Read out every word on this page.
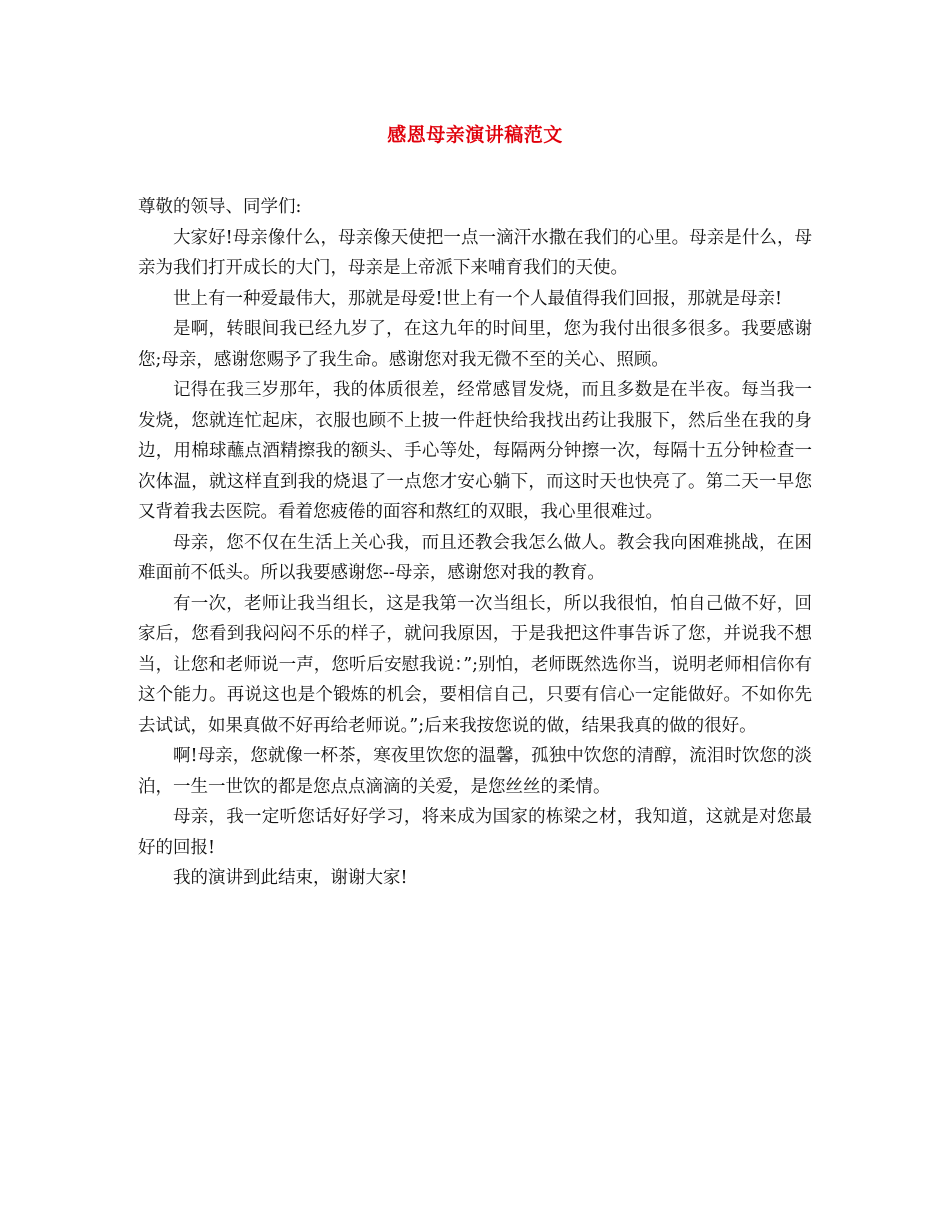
感恩母亲演讲稿范文

尊敬的领导、同学们:

大家好!母亲像什么，母亲像天使把一点一滴汗水撒在我们的心里。母亲是什么，母亲为我们打开成长的大门，母亲是上帝派下来哺育我们的天使。

世上有一种爱最伟大，那就是母爱!世上有一个人最值得我们回报，那就是母亲!

是啊，转眼间我已经九岁了，在这九年的时间里，您为我付出很多很多。我要感谢您;母亲，感谢您赐予了我生命。感谢您对我无微不至的关心、照顾。

记得在我三岁那年，我的体质很差，经常感冒发烧，而且多数是在半夜。每当我一发烧，您就连忙起床，衣服也顾不上披一件赶快给我找出药让我服下，然后坐在我的身边，用棉球蘸点酒精擦我的额头、手心等处，每隔两分钟擦一次，每隔十五分钟检查一次体温，就这样直到我的烧退了一点您才安心躺下，而这时天也快亮了。第二天一早您又背着我去医院。看着您疲倦的面容和熬红的双眼，我心里很难过。

母亲，您不仅在生活上关心我，而且还教会我怎么做人。教会我向困难挑战，在困难面前不低头。所以我要感谢您--母亲，感谢您对我的教育。

有一次，老师让我当组长，这是我第一次当组长，所以我很怕，怕自己做不好，回家后，您看到我闷闷不乐的样子，就问我原因，于是我把这件事告诉了您，并说我不想当，让您和老师说一声，您听后安慰我说：”;别怕，老师既然选你当，说明老师相信你有这个能力。再说这也是个锻炼的机会，要相信自己，只要有信心一定能做好。不如你先去试试，如果真做不好再给老师说。”;后来我按您说的做，结果我真的做的很好。

啊!母亲，您就像一杯茶，寒夜里饮您的温馨，孤独中饮您的清醇，流泪时饮您的淡泊，一生一世饮的都是您点点滴滴的关爱，是您丝丝的柔情。

母亲，我一定听您话好好学习，将来成为国家的栋梁之材，我知道，这就是对您最好的回报!

我的演讲到此结束，谢谢大家!
